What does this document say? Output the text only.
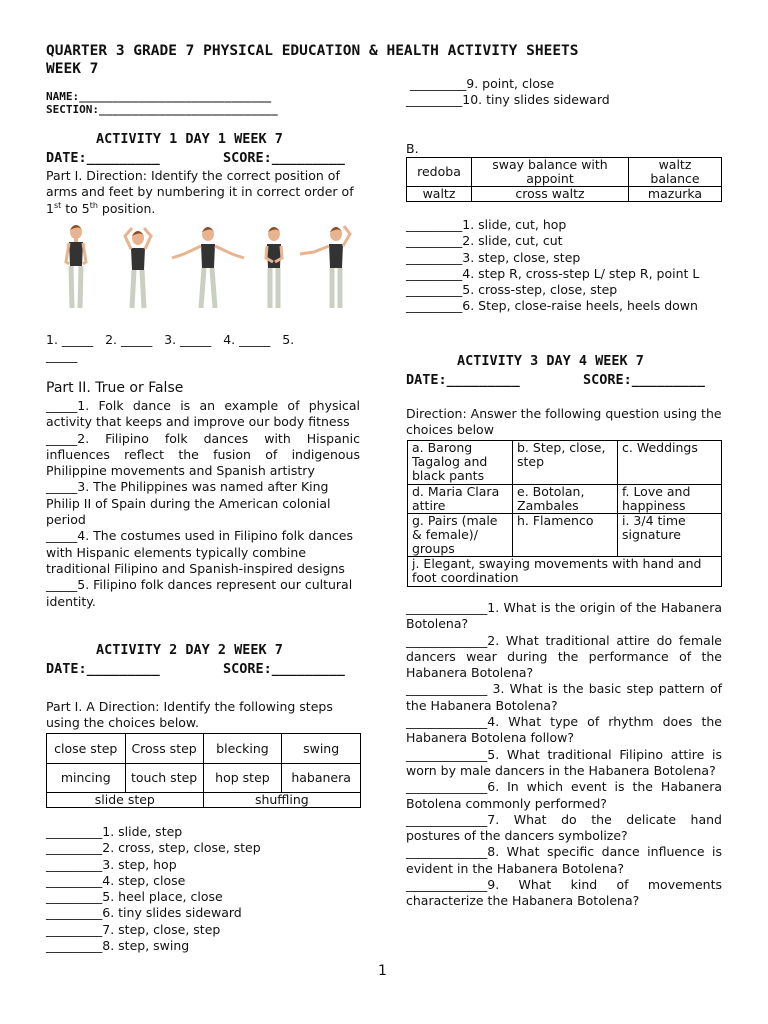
QUARTER 3 GRADE 7 PHYSICAL EDUCATION & HEALTH ACTIVITY SHEETS
WEEK 7
NAME:_____________________________
SECTION:___________________________
ACTIVITY 1 DAY 1 WEEK 7
DATE:_________	SCORE:_________
Part I. Direction: Identify the correct position of arms and feet by numbering it in correct order of 1st to 5th position.
1. _____   2. _____   3. _____   4. _____   5.
_____
Part II. True or False
_____1. Folk dance is an example of physical activity that keeps and improve our body fitness
_____2. Filipino folk dances with Hispanic influences reflect the fusion of indigenous Philippine movements and Spanish artistry
_____3. The Philippines was named after King Philip II of Spain during the American colonial period
_____4. The costumes used in Filipino folk dances with Hispanic elements typically combine traditional Filipino and Spanish-inspired designs
_____5. Filipino folk dances represent our cultural identity.
ACTIVITY 2 DAY 2 WEEK 7
DATE:_________	SCORE:_________
Part I. A Direction: Identify the following steps using the choices below.
close step	Cross step	blecking	swing
mincing	touch step	hop step	habanera
slide step		shuffling	
_________1. slide, step
_________2. cross, step, close, step
_________3. step, hop
_________4. step, close
_________5. heel place, close
_________6. tiny slides sideward
_________7. step, close, step
_________8. step, swing
_________9. point, close
_________10. tiny slides sideward
B.
redoba	sway balance with appoint	waltz balance
waltz	cross waltz	mazurka
_________1. slide, cut, hop
_________2. slide, cut, cut
_________3. step, close, step
_________4. step R, cross-step L/ step R, point L
_________5. cross-step, close, step
_________6. Step, close-raise heels, heels down
ACTIVITY 3 DAY 4 WEEK 7
DATE:_________	SCORE:_________
Direction: Answer the following question using the choices below
a. Barong Tagalog and black pants	b. Step, close, step	c. Weddings
d. Maria Clara attire	e. Botolan, Zambales	f. Love and happiness
g. Pairs (male & female)/ groups	h. Flamenco	i. 3/4 time signature
j. Elegant, swaying movements with hand and foot coordination		
_____________1. What is the origin of the Habanera Botolena?
_____________2. What traditional attire do female dancers wear during the performance of the Habanera Botolena?
_____________ 3. What is the basic step pattern of the Habanera Botolena?
_____________4. What type of rhythm does the Habanera Botolena follow?
_____________5. What traditional Filipino attire is worn by male dancers in the Habanera Botolena?
_____________6. In which event is the Habanera Botolena commonly performed?
_____________7. What do the delicate hand postures of the dancers symbolize?
_____________8. What specific dance influence is evident in the Habanera Botolena?
_____________9. What kind of movements characterize the Habanera Botolena?
1
